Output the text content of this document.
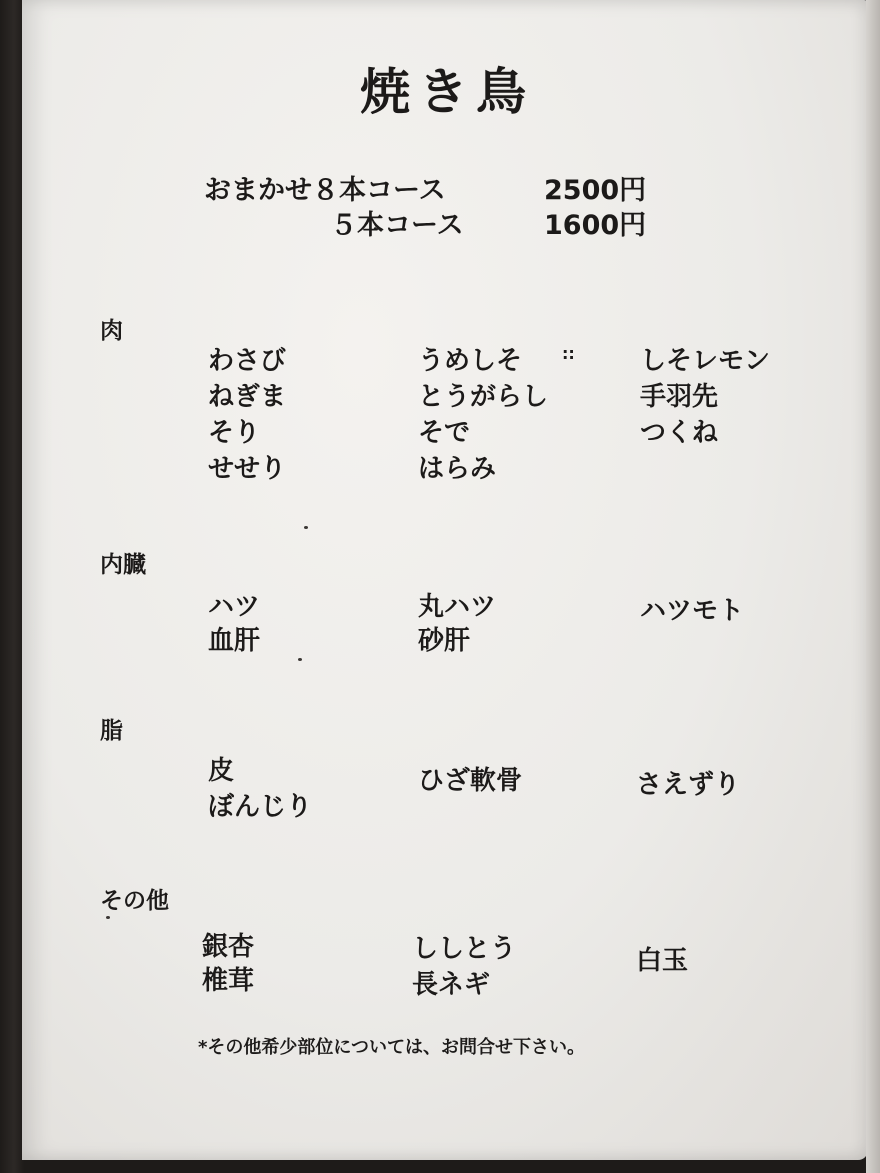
焼き鳥
おまかせ８本コース	2500円
５本コース	1600円
肉
::

わさび	うめしそ	しそレモン

ねぎま	とうがらし	手羽先

そり	そで	つくね

せせり	はらみ

内臓

ハツ	丸ハツ	ハツモト

血肝	砂肝

脂

皮	ひざ軟骨	さえずり

ぼんじり

その他

銀杏	ししとう	白玉

椎茸	長ネギ

*その他希少部位については、お問合せ下さい。
